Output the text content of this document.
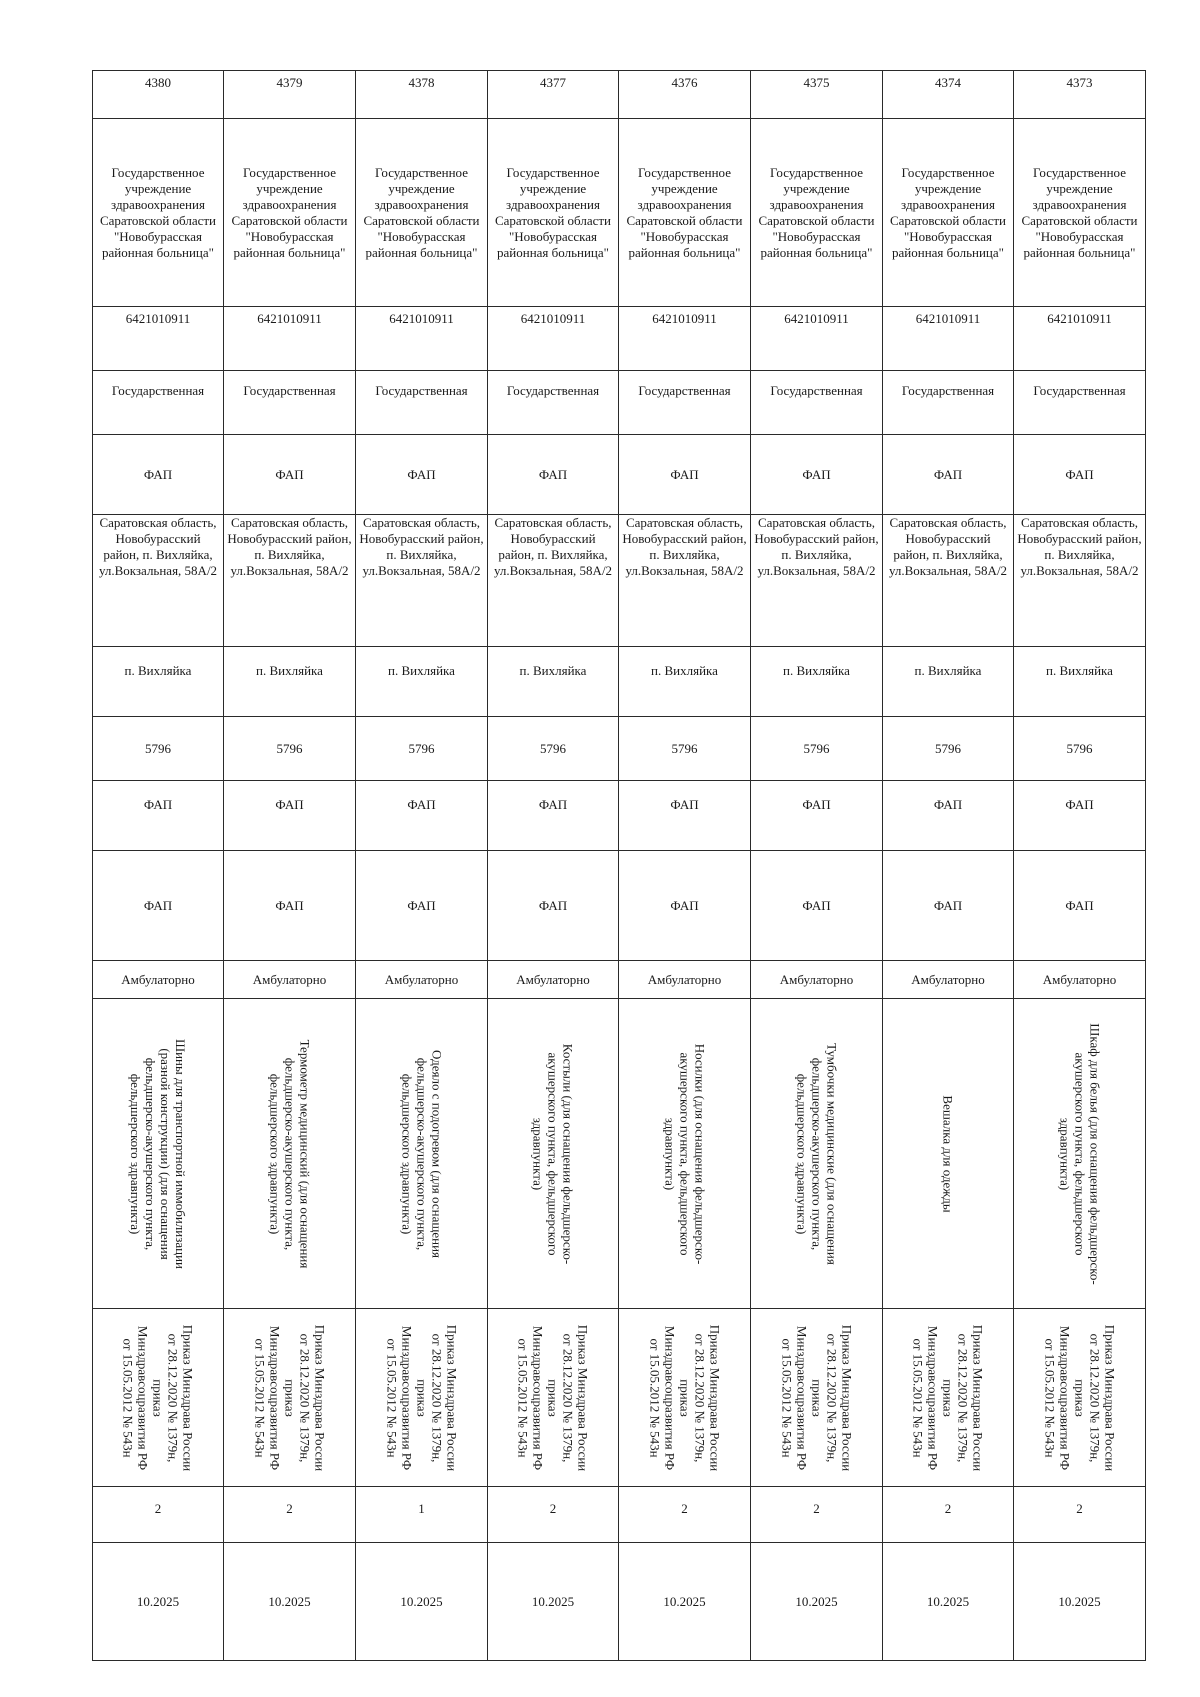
4380	4379	4378	4377	4376	4375	4374	4373
Государственное учреждение здравоохранения Саратовской области "Новобурасская районная больница"	Государственное учреждение здравоохранения Саратовской области "Новобурасская районная больница"	Государственное учреждение здравоохранения Саратовской области "Новобурасская районная больница"	Государственное учреждение здравоохранения Саратовской области "Новобурасская районная больница"	Государственное учреждение здравоохранения Саратовской области "Новобурасская районная больница"	Государственное учреждение здравоохранения Саратовской области "Новобурасская районная больница"	Государственное учреждение здравоохранения Саратовской области "Новобурасская районная больница"	Государственное учреждение здравоохранения Саратовской области "Новобурасская районная больница"
6421010911	6421010911	6421010911	6421010911	6421010911	6421010911	6421010911	6421010911
Государственная	Государственная	Государственная	Государственная	Государственная	Государственная	Государственная	Государственная
ФАП	ФАП	ФАП	ФАП	ФАП	ФАП	ФАП	ФАП
Саратовская область, Новобурасский район, п. Вихляйка, ул.Вокзальная, 58А/2	Саратовская область, Новобурасский район, п. Вихляйка, ул.Вокзальная, 58А/2	Саратовская область, Новобурасский район, п. Вихляйка, ул.Вокзальная, 58А/2	Саратовская область, Новобурасский район, п. Вихляйка, ул.Вокзальная, 58А/2	Саратовская область, Новобурасский район, п. Вихляйка, ул.Вокзальная, 58А/2	Саратовская область, Новобурасский район, п. Вихляйка, ул.Вокзальная, 58А/2	Саратовская область, Новобурасский район, п. Вихляйка, ул.Вокзальная, 58А/2	Саратовская область, Новобурасский район, п. Вихляйка, ул.Вокзальная, 58А/2
п. Вихляйка	п. Вихляйка	п. Вихляйка	п. Вихляйка	п. Вихляйка	п. Вихляйка	п. Вихляйка	п. Вихляйка
5796	5796	5796	5796	5796	5796	5796	5796
ФАП	ФАП	ФАП	ФАП	ФАП	ФАП	ФАП	ФАП
ФАП	ФАП	ФАП	ФАП	ФАП	ФАП	ФАП	ФАП
Амбулаторно	Амбулаторно	Амбулаторно	Амбулаторно	Амбулаторно	Амбулаторно	Амбулаторно	Амбулаторно

Шины для транспортной иммобилизации (разной конструкции) (для оснащения фельдшерско-акушерского пункта, фельдшерского здравпункта)	Термометр медицинский (для оснащения фельдшерско-акушерского пункта, фельдшерского здравпункта)	Одеяло с подогревом (для оснащения фельдшерско-акушерского пункта, фельдшерского здравпункта)	Костыли (для оснащения фельдшерско-акушерского пункта, фельдшерского здравпункта)	Носилки (для оснащения фельдшерско-акушерского пункта, фельдшерского здравпункта)	Тумбочки медицинские (для оснащения фельдшерско-акушерского пункта, фельдшерского здравпункта)	Вешалка для одежды	Шкаф для белья (для оснащения фельдшерско-акушерского пункта, фельдшерского здравпункта)

Приказ Минздрава России от 28.12.2020 № 1379н, приказ Минздравсоцразвития РФ от 15.05.2012 № 543н	Приказ Минздрава России от 28.12.2020 № 1379н, приказ Минздравсоцразвития РФ от 15.05.2012 № 543н	Приказ Минздрава России от 28.12.2020 № 1379н, приказ Минздравсоцразвития РФ от 15.05.2012 № 543н	Приказ Минздрава России от 28.12.2020 № 1379н, приказ Минздравсоцразвития РФ от 15.05.2012 № 543н	Приказ Минздрава России от 28.12.2020 № 1379н, приказ Минздравсоцразвития РФ от 15.05.2012 № 543н	Приказ Минздрава России от 28.12.2020 № 1379н, приказ Минздравсоцразвития РФ от 15.05.2012 № 543н	Приказ Минздрава России от 28.12.2020 № 1379н, приказ Минздравсоцразвития РФ от 15.05.2012 № 543н	Приказ Минздрава России от 28.12.2020 № 1379н, приказ Минздравсоцразвития РФ от 15.05.2012 № 543н

2	2	1	2	2	2	2	2
10.2025	10.2025	10.2025	10.2025	10.2025	10.2025	10.2025	10.2025
